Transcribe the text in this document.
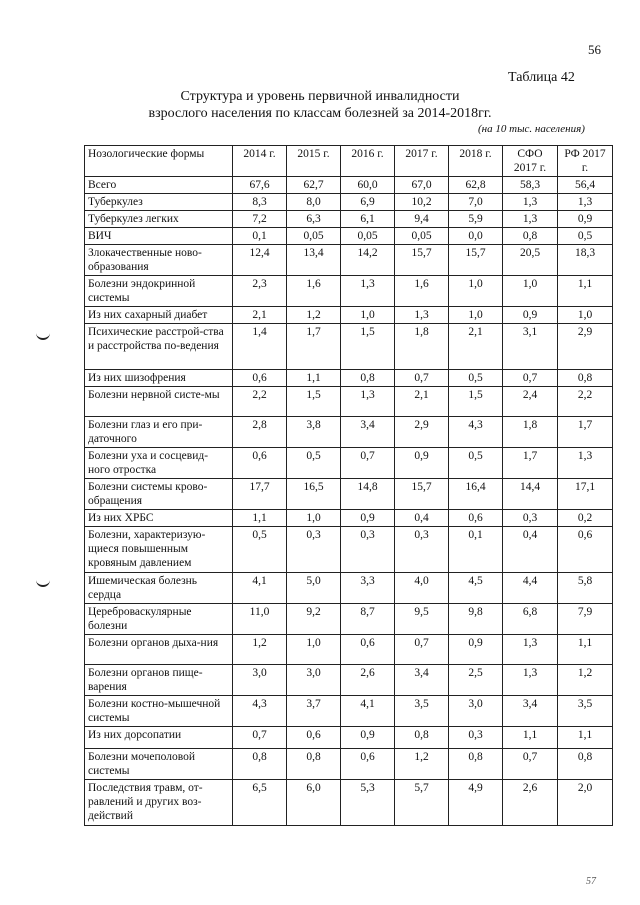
56
Таблица 42
Структура и уровень первичной инвалидности
взрослого населения по классам болезней за 2014-2018гг.
(на 10 тыс. населения)
57
Нозологические формы	2014 г.	2015 г.	2016 г.	2017 г.	2018 г.	СФО 2017 г.	РФ 2017 г.
Всего	67,6	62,7	60,0	67,0	62,8	58,3	56,4
Туберкулез	8,3	8,0	6,9	10,2	7,0	1,3	1,3
Туберкулез легких	7,2	6,3	6,1	9,4	5,9	1,3	0,9
ВИЧ	0,1	0,05	0,05	0,05	0,0	0,8	0,5
Злокачественные ново-образования	12,4	13,4	14,2	15,7	15,7	20,5	18,3
Болезни эндокринной системы	2,3	1,6	1,3	1,6	1,0	1,0	1,1
Из них сахарный диабет	2,1	1,2	1,0	1,3	1,0	0,9	1,0
Психические расстрой-ства и расстройства по-ведения	1,4	1,7	1,5	1,8	2,1	3,1	2,9
Из них шизофрения	0,6	1,1	0,8	0,7	0,5	0,7	0,8
Болезни нервной систе-мы	2,2	1,5	1,3	2,1	1,5	2,4	2,2
Болезни глаз и его при-даточного	2,8	3,8	3,4	2,9	4,3	1,8	1,7
Болезни уха и сосцевид-ного отростка	0,6	0,5	0,7	0,9	0,5	1,7	1,3
Болезни системы крово-обращения	17,7	16,5	14,8	15,7	16,4	14,4	17,1
Из них ХРБС	1,1	1,0	0,9	0,4	0,6	0,3	0,2
Болезни, характеризую-щиеся повышенным кровяным давлением	0,5	0,3	0,3	0,3	0,1	0,4	0,6
Ишемическая болезнь сердца	4,1	5,0	3,3	4,0	4,5	4,4	5,8
Цереброваскулярные болезни	11,0	9,2	8,7	9,5	9,8	6,8	7,9
Болезни органов дыха-ния	1,2	1,0	0,6	0,7	0,9	1,3	1,1
Болезни органов пище-варения	3,0	3,0	2,6	3,4	2,5	1,3	1,2
Болезни костно-мышечной системы	4,3	3,7	4,1	3,5	3,0	3,4	3,5
Из них дорсопатии	0,7	0,6	0,9	0,8	0,3	1,1	1,1
Болезни мочеполовой системы	0,8	0,8	0,6	1,2	0,8	0,7	0,8
Последствия травм, от-равлений и других воз-действий	6,5	6,0	5,3	5,7	4,9	2,6	2,0
